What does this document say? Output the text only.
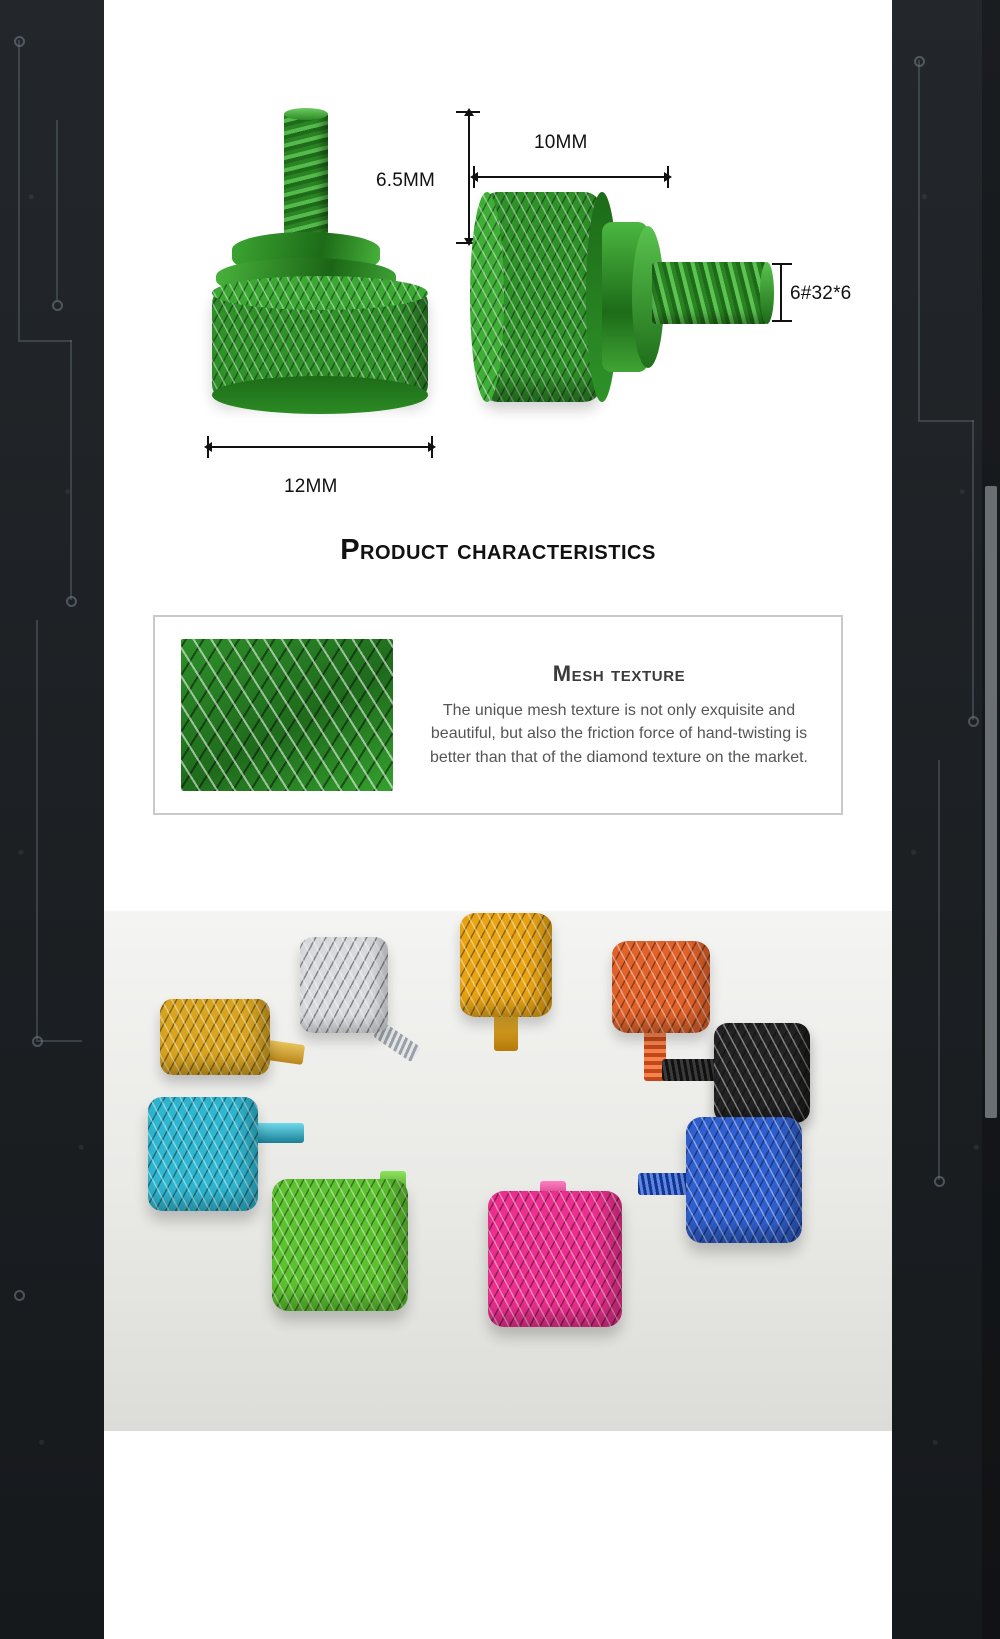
6.5MM
12MM
10MM
6#32*6
Product characteristics
Mesh texture
The unique mesh texture is not only exquisite and beautiful, but also the friction force of hand-twisting is better than that of the diamond texture on the market.
